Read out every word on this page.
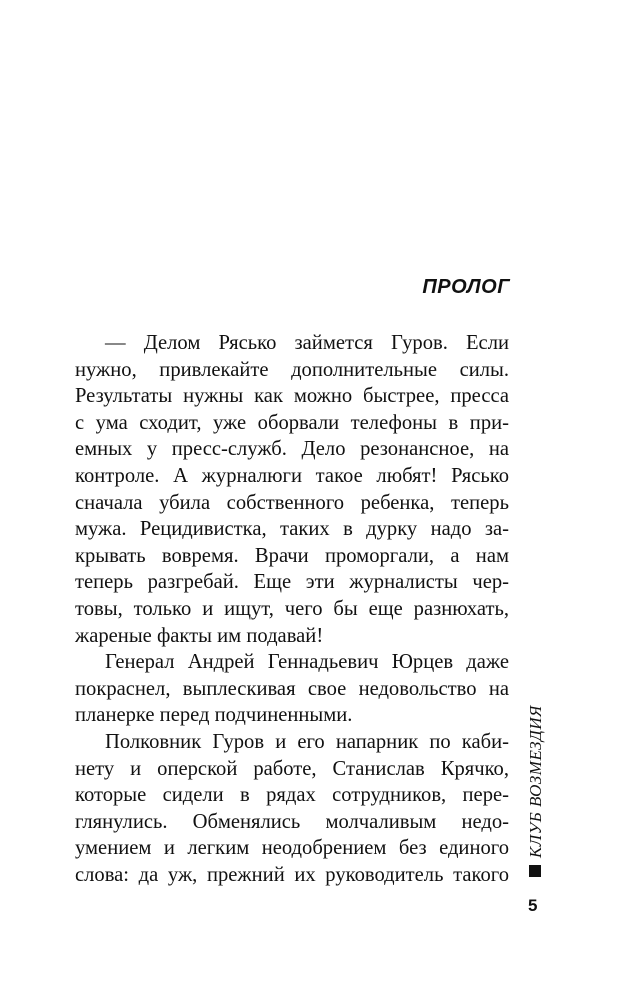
ПРОЛОГ
— Делом Рясько займется Гуров. Если
нужно, привлекайте дополнительные силы.
Результаты нужны как можно быстрее, пресса
с ума сходит, уже оборвали телефоны в при-
емных у пресс-служб. Дело резонансное, на
контроле. А журналюги такое любят! Рясько
сначала убила собственного ребенка, теперь
мужа. Рецидивистка, таких в дурку надо за-
крывать вовремя. Врачи проморгали, а нам
теперь разгребай. Еще эти журналисты чер-
товы, только и ищут, чего бы еще разнюхать,
жареные факты им подавай!
Генерал Андрей Геннадьевич Юрцев даже
покраснел, выплескивая свое недовольство на
планерке перед подчиненными.
Полковник Гуров и его напарник по каби-
нету и оперской работе, Станислав Крячко,
которые сидели в рядах сотрудников, пере-
глянулись. Обменялись молчаливым недо-
умением и легким неодобрением без единого
слова: да уж, прежний их руководитель такого
КЛУБ ВОЗМЕЗДИЯ
5
